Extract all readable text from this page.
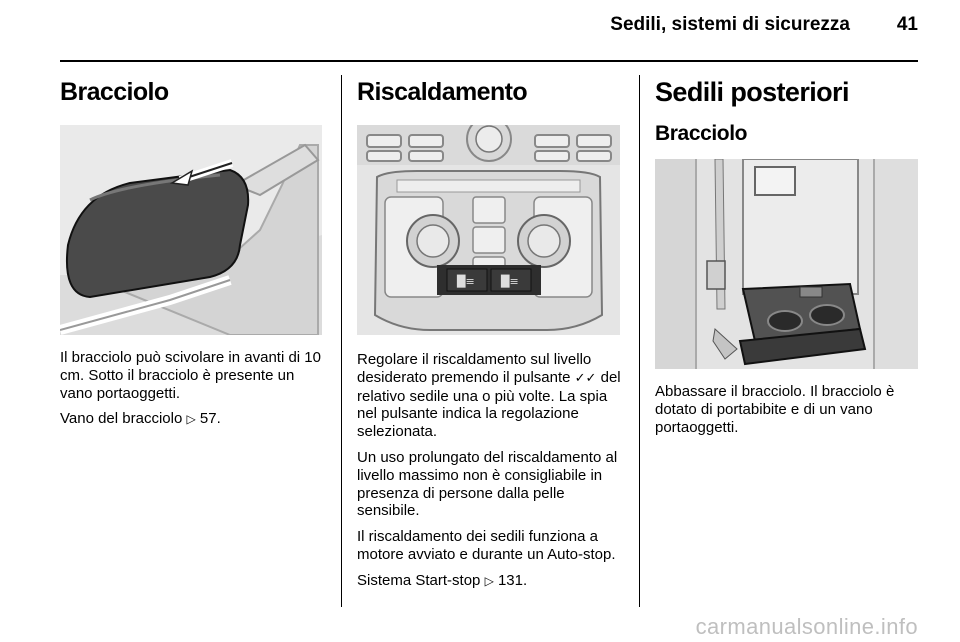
Sedili, sistemi di sicurezza	41
Bracciolo

Il bracciolo può scivolare in avanti di 10 cm. Sotto il bracciolo è presente un vano portaoggetti.

Vano del bracciolo ▷ 57.

Riscaldamento
█≡ █≡

Regolare il riscaldamento sul livello desiderato premendo il pulsante ✓✓ del relativo sedile una o più volte. La spia nel pulsante indica la regolazione selezionata.

Un uso prolungato del riscaldamento al livello massimo non è consigliabile in presenza di persone dalla pelle sensibile.

Il riscaldamento dei sedili funziona a motore avviato e durante un Auto-stop.

Sistema Start-stop ▷ 131.

Sedili posteriori
Bracciolo

Abbassare il bracciolo. Il bracciolo è dotato di portabibite e di un vano portaoggetti.

carmanualsonline.info
